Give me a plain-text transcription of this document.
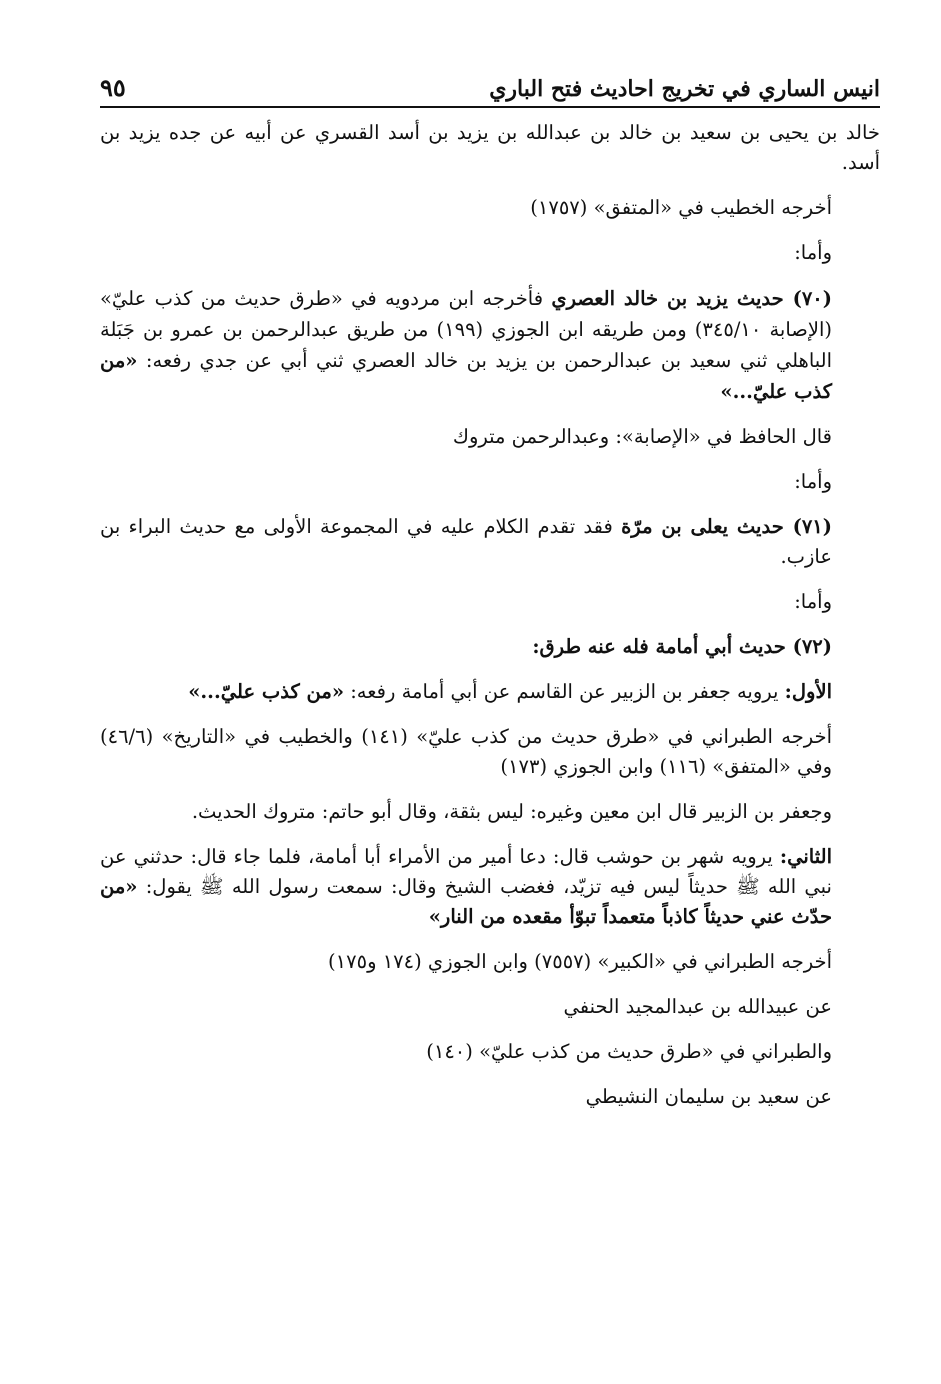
انيس الساري في تخريج احاديث فتح الباري
٩٥

خالد بن يحيى بن سعيد بن خالد بن عبدالله بن يزيد بن أسد القسري عن أبيه عن جده يزيد بن أسد.

أخرجه الخطيب في «المتفق» (١٧٥٧)

وأما:

(٧٠) حديث يزيد بن خالد العصري فأخرجه ابن مردويه في «طرق حديث من كذب عليّ» (الإصابة ٣٤٥/١٠) ومن طريقه ابن الجوزي (١٩٩) من طريق عبدالرحمن بن عمرو بن جَبَلة الباهلي ثني سعيد بن عبدالرحمن بن يزيد بن خالد العصري ثني أبي عن جدي رفعه: «من كذب عليّ...»

قال الحافظ في «الإصابة»: وعبدالرحمن متروك

وأما:

(٧١) حديث يعلى بن مرّة فقد تقدم الكلام عليه في المجموعة الأولى مع حديث البراء بن عازب.

وأما:

(٧٢) حديث أبي أمامة فله عنه طرق:

الأول: يرويه جعفر بن الزبير عن القاسم عن أبي أمامة رفعه: «من كذب عليّ...»

أخرجه الطبراني في «طرق حديث من كذب عليّ» (١٤١) والخطيب في «التاريخ» (٤٦/٦) وفي «المتفق» (١١٦) وابن الجوزي (١٧٣)

وجعفر بن الزبير قال ابن معين وغيره: ليس بثقة، وقال أبو حاتم: متروك الحديث.

الثاني: يرويه شهر بن حوشب قال: دعا أمير من الأمراء أبا أمامة، فلما جاء قال: حدثني عن نبي الله ﷺ حديثاً ليس فيه تزيّد، فغضب الشيخ وقال: سمعت رسول الله ﷺ يقول: «من حدّث عني حديثاً كاذباً متعمداً تبوّأ مقعده من النار»

أخرجه الطبراني في «الكبير» (٧٥٥٧) وابن الجوزي (١٧٤ و١٧٥)

عن عبيدالله بن عبدالمجيد الحنفي

والطبراني في «طرق حديث من كذب عليّ» (١٤٠)

عن سعيد بن سليمان النشيطي
